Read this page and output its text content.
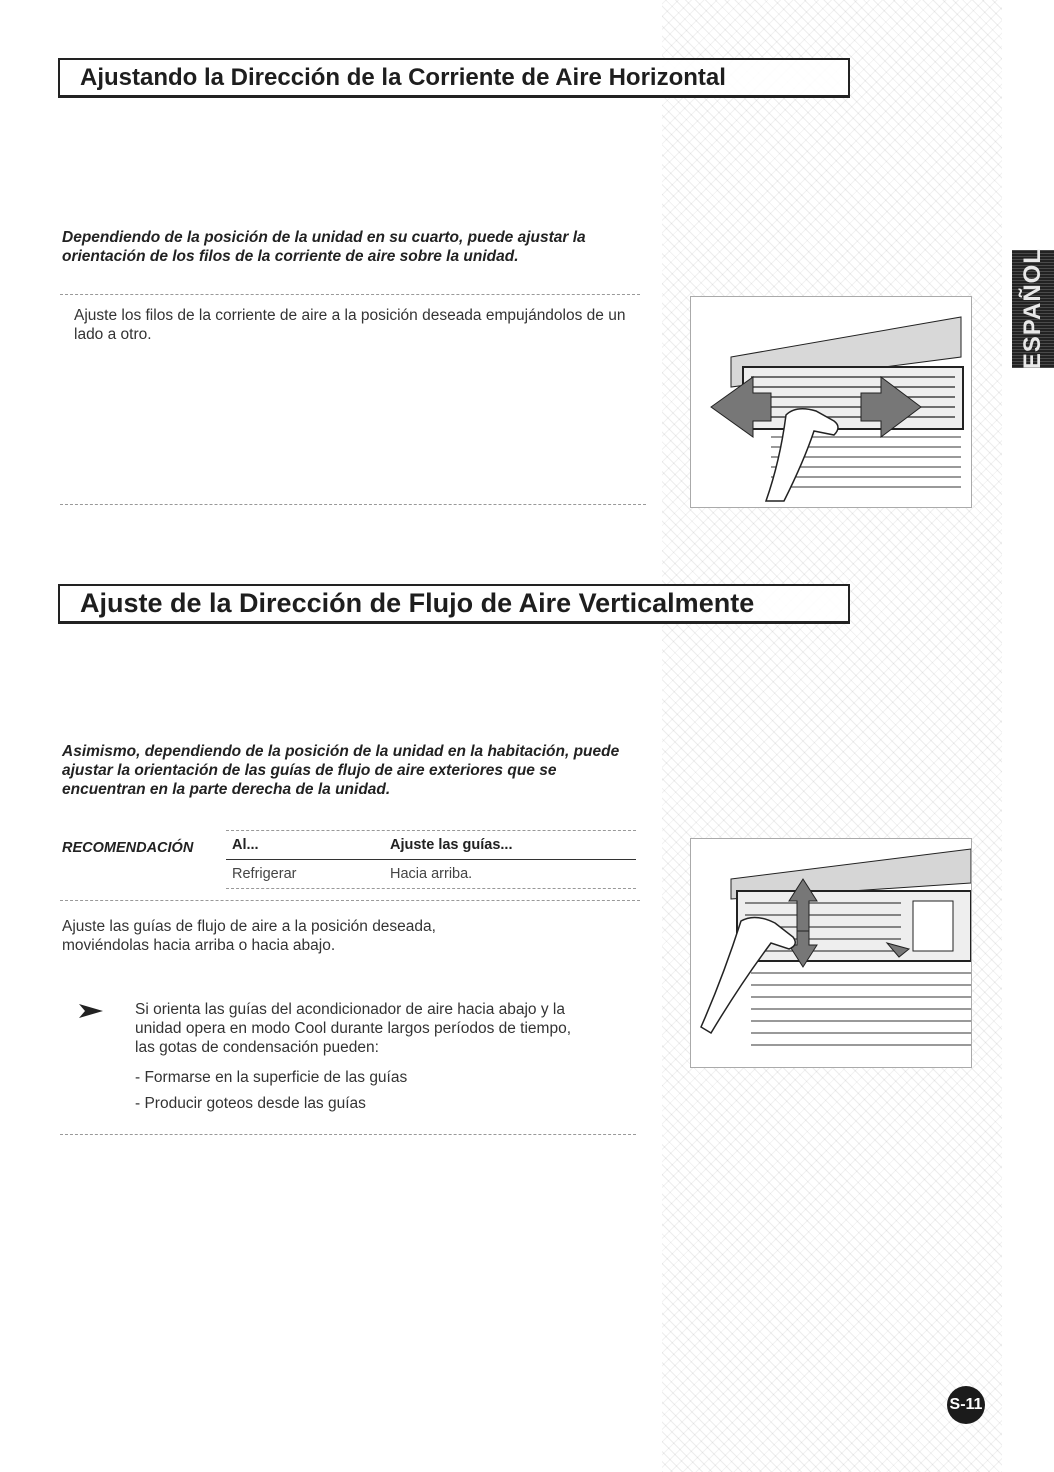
ESPAÑOL
Ajustando la Dirección de la Corriente de Aire Horizontal

Dependiendo de la posición de la unidad en su cuarto, puede ajustar la orientación de los filos de la corriente de aire sobre la unidad.

Ajuste los filos de la corriente de aire a la posición deseada empujándolos de un lado a otro.

Ajuste de la Dirección de Flujo de Aire Verticalmente

Asimismo, dependiendo de la posición de la unidad en la habitación, puede ajustar la orientación de las guías de flujo de aire exteriores que se encuentran en la parte derecha de la unidad.

RECOMENDACIÓN	Al...	Ajuste las guías...
Refrigerar	Hacia arriba.

Ajuste las guías de flujo de aire a la posición deseada, moviéndolas hacia arriba o hacia abajo.

Si orienta las guías del acondicionador de aire hacia abajo y la unidad opera en modo Cool durante largos períodos de tiempo, las gotas de condensación pueden:

- Formarse en la superficie de las guías
- Producir goteos desde las guías
S-11
